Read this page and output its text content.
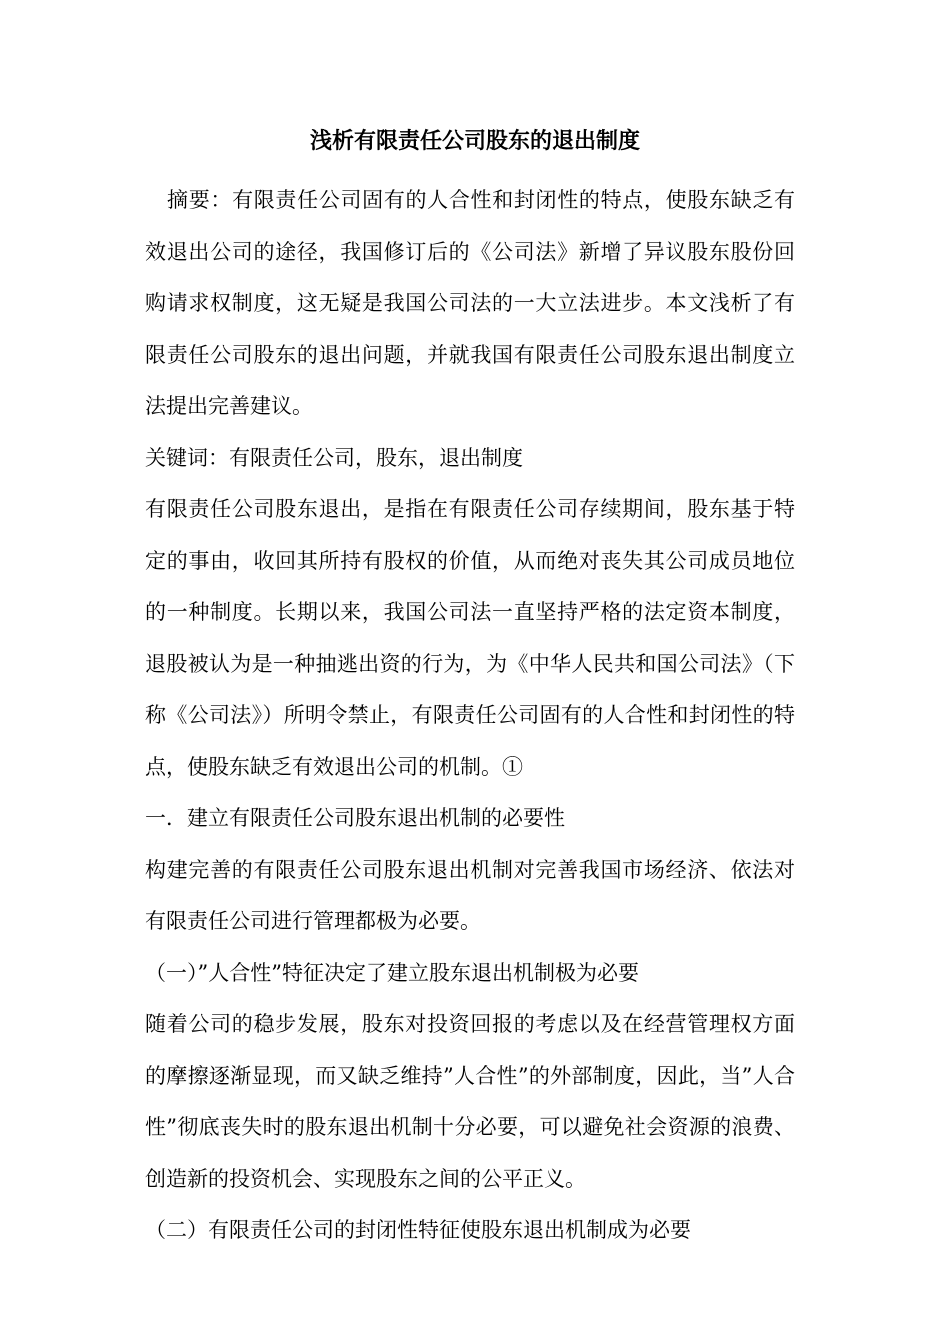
浅析有限责任公司股东的退出制度

摘要：有限责任公司固有的人合性和封闭性的特点，使股东缺乏有效退出公司的途径，我国修订后的《公司法》新增了异议股东股份回购请求权制度，这无疑是我国公司法的一大立法进步。本文浅析了有限责任公司股东的退出问题，并就我国有限责任公司股东退出制度立法提出完善建议。

关键词：有限责任公司，股东，退出制度

有限责任公司股东退出，是指在有限责任公司存续期间，股东基于特定的事由，收回其所持有股权的价值，从而绝对丧失其公司成员地位的一种制度。长期以来，我国公司法一直坚持严格的法定资本制度，退股被认为是一种抽逃出资的行为，为《中华人民共和国公司法》（下称《公司法》）所明令禁止，有限责任公司固有的人合性和封闭性的特点，使股东缺乏有效退出公司的机制。①

一．建立有限责任公司股东退出机制的必要性

构建完善的有限责任公司股东退出机制对完善我国市场经济、依法对有限责任公司进行管理都极为必要。

（一）”人合性”特征决定了建立股东退出机制极为必要

随着公司的稳步发展，股东对投资回报的考虑以及在经营管理权方面的摩擦逐渐显现，而又缺乏维持”人合性”的外部制度，因此，当”人合性”彻底丧失时的股东退出机制十分必要，可以避免社会资源的浪费、创造新的投资机会、实现股东之间的公平正义。

（二）有限责任公司的封闭性特征使股东退出机制成为必要
